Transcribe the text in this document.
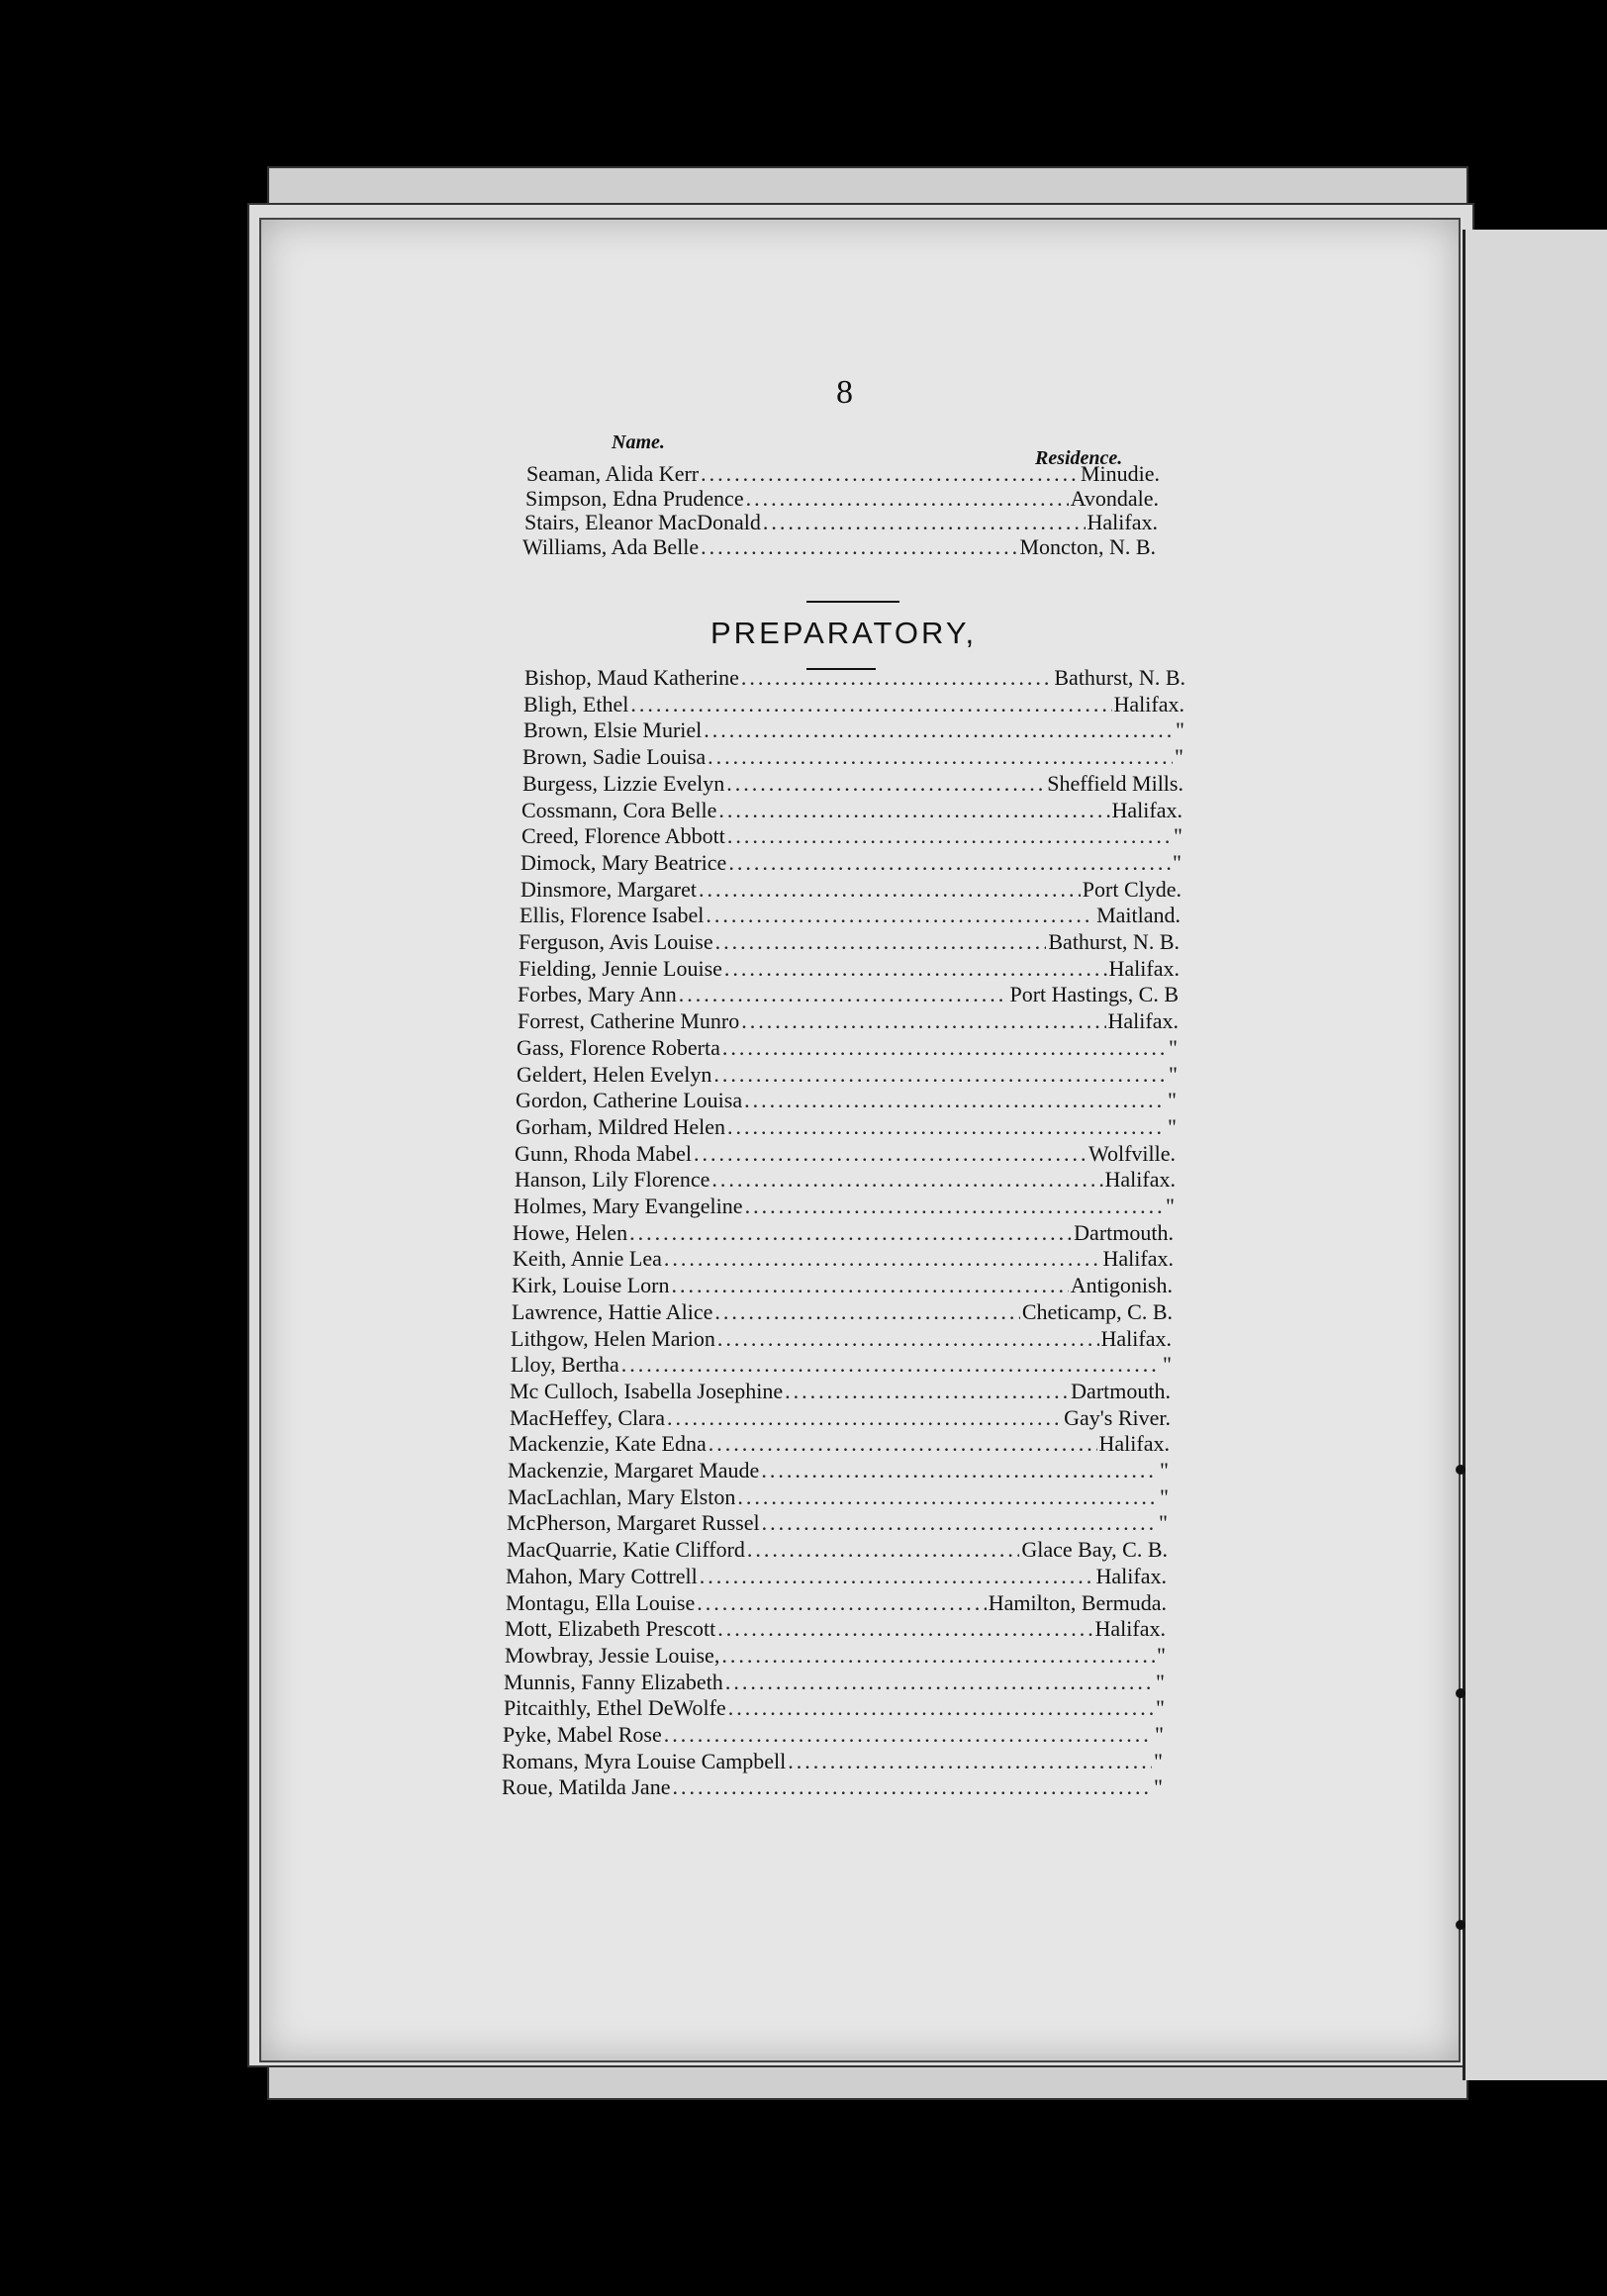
8
Name.
Residence.
Seaman, Alida Kerr .....	Minudie.
Simpson, Edna Prudence .....	Avondale.
Stairs, Eleanor MacDonald .....	Halifax.
Williams, Ada Belle .....	Moncton, N. B.
PREPARATORY,
Bishop, Maud Katherine .....	Bathurst, N. B.
Bligh, Ethel .....	Halifax.
Brown, Elsie Muriel .....	"
Brown, Sadie Louisa .....	"
Burgess, Lizzie Evelyn .....	Sheffield Mills.
Cossmann, Cora Belle .....	Halifax.
Creed, Florence Abbott .....	"
Dimock, Mary Beatrice .....	"
Dinsmore, Margaret .....	Port Clyde.
Ellis, Florence Isabel .....	Maitland.
Ferguson, Avis Louise .....	Bathurst, N. B.
Fielding, Jennie Louise .....	Halifax.
Forbes, Mary Ann .....	Port Hastings, C. B
Forrest, Catherine Munro .....	Halifax.
Gass, Florence Roberta .....	"
Geldert, Helen Evelyn .....	"
Gordon, Catherine Louisa .....	"
Gorham, Mildred Helen .....	"
Gunn, Rhoda Mabel .....	Wolfville.
Hanson, Lily Florence .....	Halifax.
Holmes, Mary Evangeline .....	"
Howe, Helen .....	Dartmouth.
Keith, Annie Lea .....	Halifax.
Kirk, Louise Lorn .....	Antigonish.
Lawrence, Hattie Alice .....	Cheticamp, C. B.
Lithgow, Helen Marion .....	Halifax.
Lloy, Bertha .....	"
Mc Culloch, Isabella Josephine .....	Dartmouth.
MacHeffey, Clara .....	Gay's River.
Mackenzie, Kate Edna .....	Halifax.
Mackenzie, Margaret Maude .....	"
MacLachlan, Mary Elston .....	"
McPherson, Margaret Russel .....	"
MacQuarrie, Katie Clifford .....	Glace Bay, C. B.
Mahon, Mary Cottrell .....	Halifax.
Montagu, Ella Louise .....	Hamilton, Bermuda.
Mott, Elizabeth Prescott .....	Halifax.
Mowbray, Jessie Louise, .....	"
Munnis, Fanny Elizabeth .....	"
Pitcaithly, Ethel DeWolfe .....	"
Pyke, Mabel Rose .....	"
Romans, Myra Louise Campbell .....	"
Roue, Matilda Jane .....	"
